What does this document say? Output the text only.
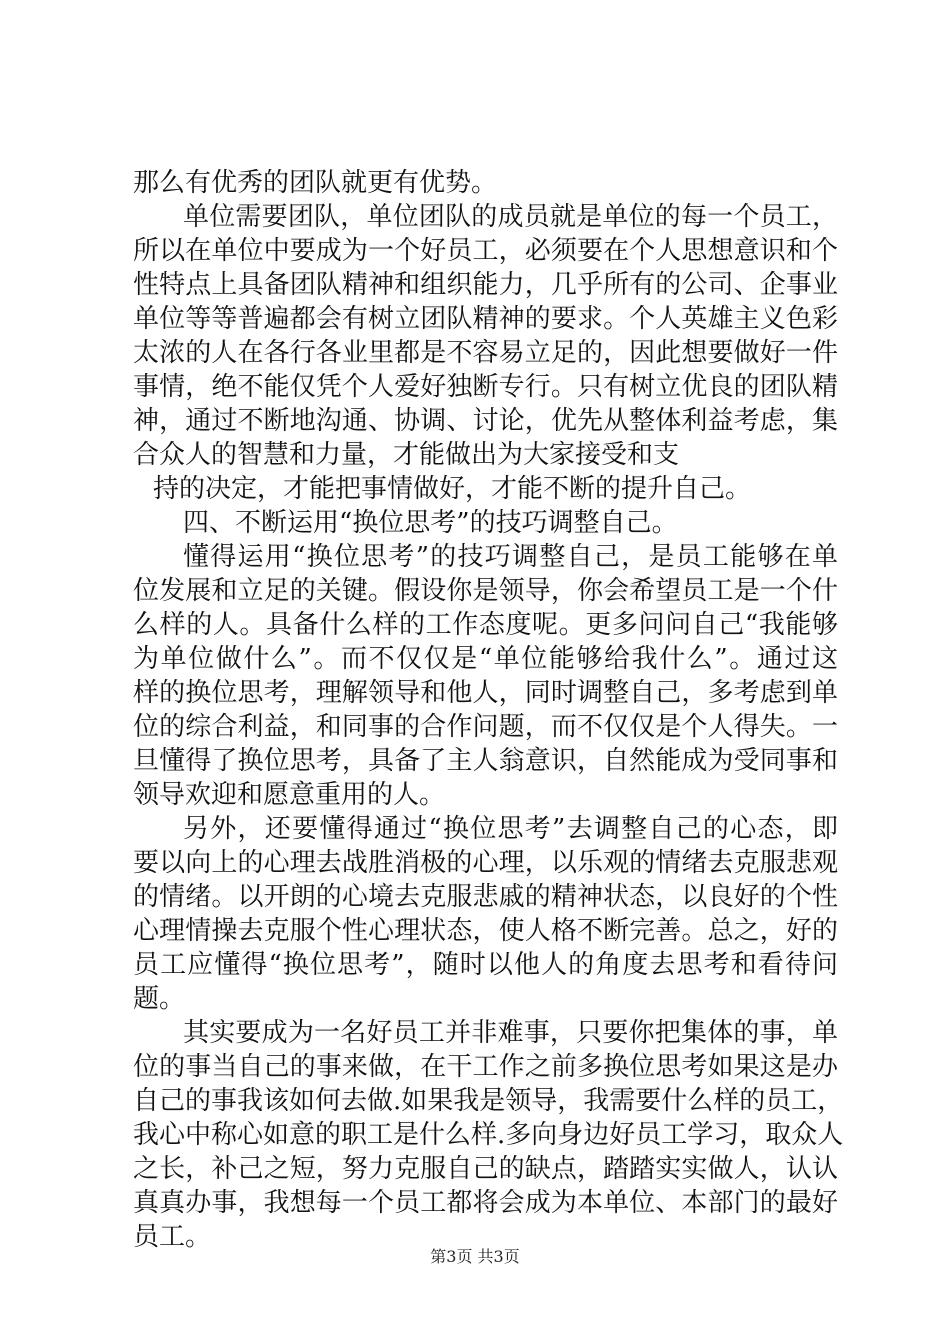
那么有优秀的团队就更有优势。
单位需要团队，单位团队的成员就是单位的每一个员工，
所以在单位中要成为一个好员工，必须要在个人思想意识和个
性特点上具备团队精神和组织能力，几乎所有的公司、企事业
单位等等普遍都会有树立团队精神的要求。个人英雄主义色彩
太浓的人在各行各业里都是不容易立足的，因此想要做好一件
事情，绝不能仅凭个人爱好独断专行。只有树立优良的团队精
神，通过不断地沟通、协调、讨论，优先从整体利益考虑，集
合众人的智慧和力量，才能做出为大家接受和支
持的决定，才能把事情做好，才能不断的提升自己。
四、不断运用“换位思考”的技巧调整自己。
懂得运用“换位思考”的技巧调整自己，是员工能够在单
位发展和立足的关键。假设你是领导，你会希望员工是一个什
么样的人。具备什么样的工作态度呢。更多问问自己“我能够
为单位做什么”。而不仅仅是“单位能够给我什么”。通过这
样的换位思考，理解领导和他人，同时调整自己，多考虑到单
位的综合利益，和同事的合作问题，而不仅仅是个人得失。一
旦懂得了换位思考，具备了主人翁意识，自然能成为受同事和
领导欢迎和愿意重用的人。
另外，还要懂得通过“换位思考”去调整自己的心态，即
要以向上的心理去战胜消极的心理，以乐观的情绪去克服悲观
的情绪。以开朗的心境去克服悲戚的精神状态，以良好的个性
心理情操去克服个性心理状态，使人格不断完善。总之，好的
员工应懂得“换位思考”，随时以他人的角度去思考和看待问
题。
其实要成为一名好员工并非难事，只要你把集体的事，单
位的事当自己的事来做，在干工作之前多换位思考如果这是办
自己的事我该如何去做.如果我是领导，我需要什么样的员工，
我心中称心如意的职工是什么样.多向身边好员工学习，取众人
之长，补己之短，努力克服自己的缺点，踏踏实实做人，认认
真真办事，我想每一个员工都将会成为本单位、本部门的最好
员工。
第3页 共3页
